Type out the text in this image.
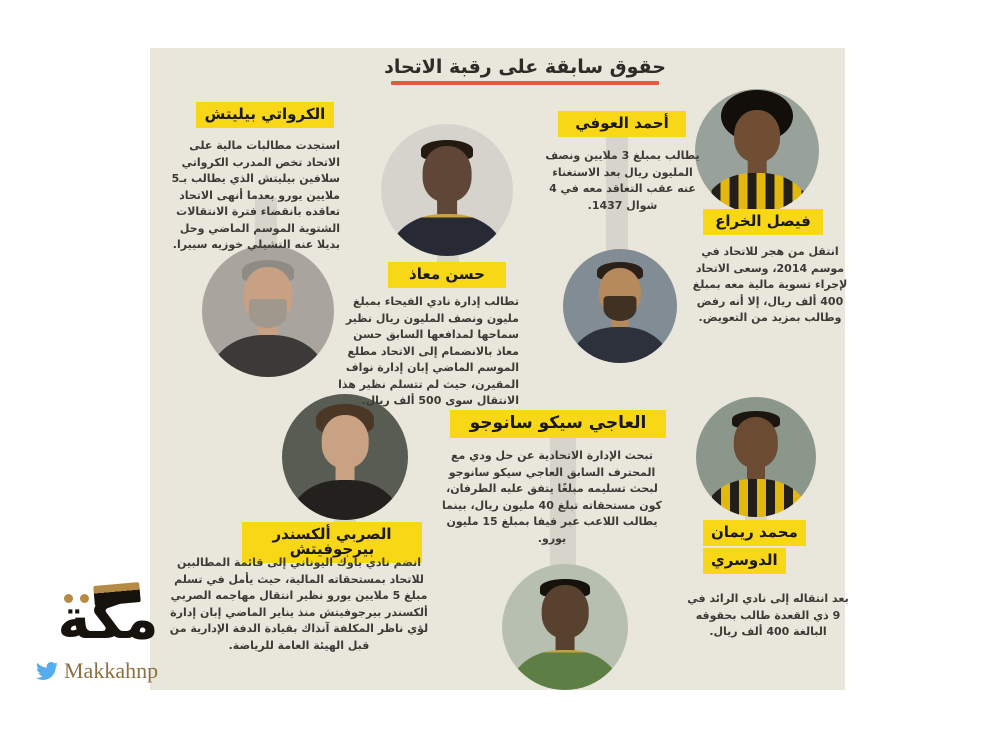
حقوق سابقة على رقبة الاتحاد
الكرواتي بيليتش

استجدت مطالبات مالية على الاتحاد تخص المدرب الكرواتي سلافين بيليتش الذي يطالب بـ5 ملايين يورو بعدما أنهى الاتحاد تعاقده بانقضاء فترة الانتقالات الشتوية الموسم الماضي وحل بديلا عنه التشيلي خوزيه سييرا.

حسن معاذ

تطالب إدارة نادي الفيحاء بمبلغ مليون ونصف المليون ريال نظير سماحها لمدافعها السابق حسن معاذ بالانضمام إلى الاتحاد مطلع الموسم الماضي إبان إدارة نواف المقيرن، حيث لم تتسلم نظير هذا الانتقال سوى 500 ألف ريال.

أحمد العوفي

يطالب بمبلغ 3 ملايين ونصف المليون ريال بعد الاستغناء عنه عقب التعاقد معه في 4 شوال 1437.

فيصل الخراع

انتقل من هجر للاتحاد في موسم 2014، وسعى الاتحاد لإجراء تسوية مالية معه بمبلغ 400 ألف ريال، إلا أنه رفض وطالب بمزيد من التعويض.

العاجي سيكو سانوجو

تبحث الإدارة الاتحادية عن حل ودي مع المحترف السابق العاجي سيكو سانوجو لبحث تسليمه مبلغًا يتفق عليه الطرفان، كون مستحقاته تبلغ 40 مليون ريال، بينما يطالب اللاعب عبر فيفا بمبلغ 15 مليون يورو.

الصربي ألكسندر بيرجوفيتش

انضم نادي باوك اليوناني إلى قائمة المطالبين للاتحاد بمستحقاته المالية، حيث يأمل في تسلم مبلغ 5 ملايين يورو نظير انتقال مهاجمه الصربي ألكسندر بيرجوفيتش منذ يناير الماضي إبان إدارة لؤي ناظر المكلفة آنذاك بقيادة الدفة الإدارية من قبل الهيئة العامة للرياضة.

محمد ريمان
الدوسري

بعد انتقاله إلى نادي الرائد في 9 ذي القعدة طالب بحقوقه البالغة 400 ألف ريال.

مكة
Makkahnp
